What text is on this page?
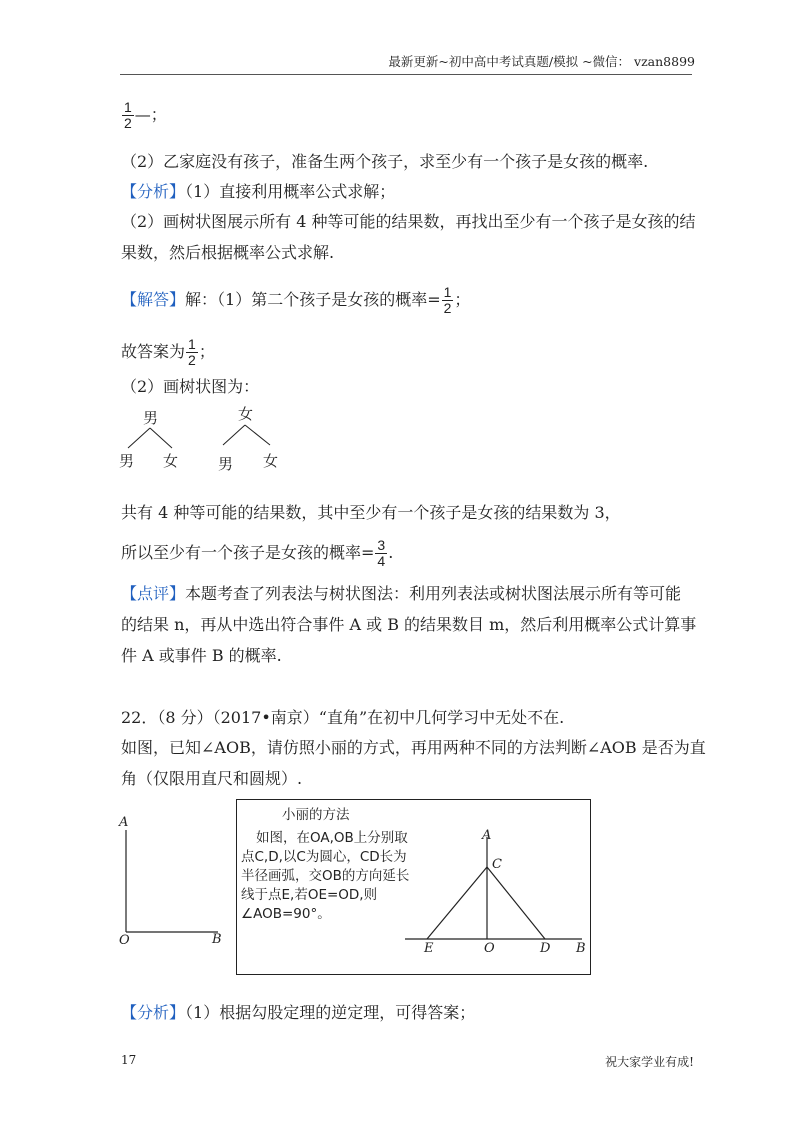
最新更新~初中高中考试真题/模拟 ~微信： vzan8899
$\frac{1}{2}$ —；
（2）乙家庭没有孩子，准备生两个孩子，求至少有一个孩子是女孩的概率.
【分析】（1）直接利用概率公式求解；
（2）画树状图展示所有 4 种等可能的结果数，再找出至少有一个孩子是女孩的结
果数，然后根据概率公式求解.
【解答】解：（1）第二个孩子是女孩的概率= $\frac{1}{2}$ ；
故答案为 $\frac{1}{2}$ ；
（2）画树状图为：
男
男 女
女
男 女
共有 4 种等可能的结果数，其中至少有一个孩子是女孩的结果数为 3，
所以至少有一个孩子是女孩的概率= $\frac{3}{4}$ .
【点评】本题考查了列表法与树状图法：利用列表法或树状图法展示所有等可能
的结果 n，再从中选出符合事件 A 或 B 的结果数目 m，然后利用概率公式计算事
件 A 或事件 B 的概率.
22．（8 分）（2017•南京）“直角”在初中几何学习中无处不在.
如图，已知∠AOB，请仿照小丽的方式，再用两种不同的方法判断∠AOB 是否为直
角（仅限用直尺和圆规）.
A
O	B
小丽的方法
如图，在OA,OB上分别取
点C,D,以C为圆心，CD长为
半径画弧，交OB的方向延长
线于点E,若OE=OD,则
∠AOB=90°。
A
C
E	O	D B
【分析】（1）根据勾股定理的逆定理，可得答案；
17	祝大家学业有成!
